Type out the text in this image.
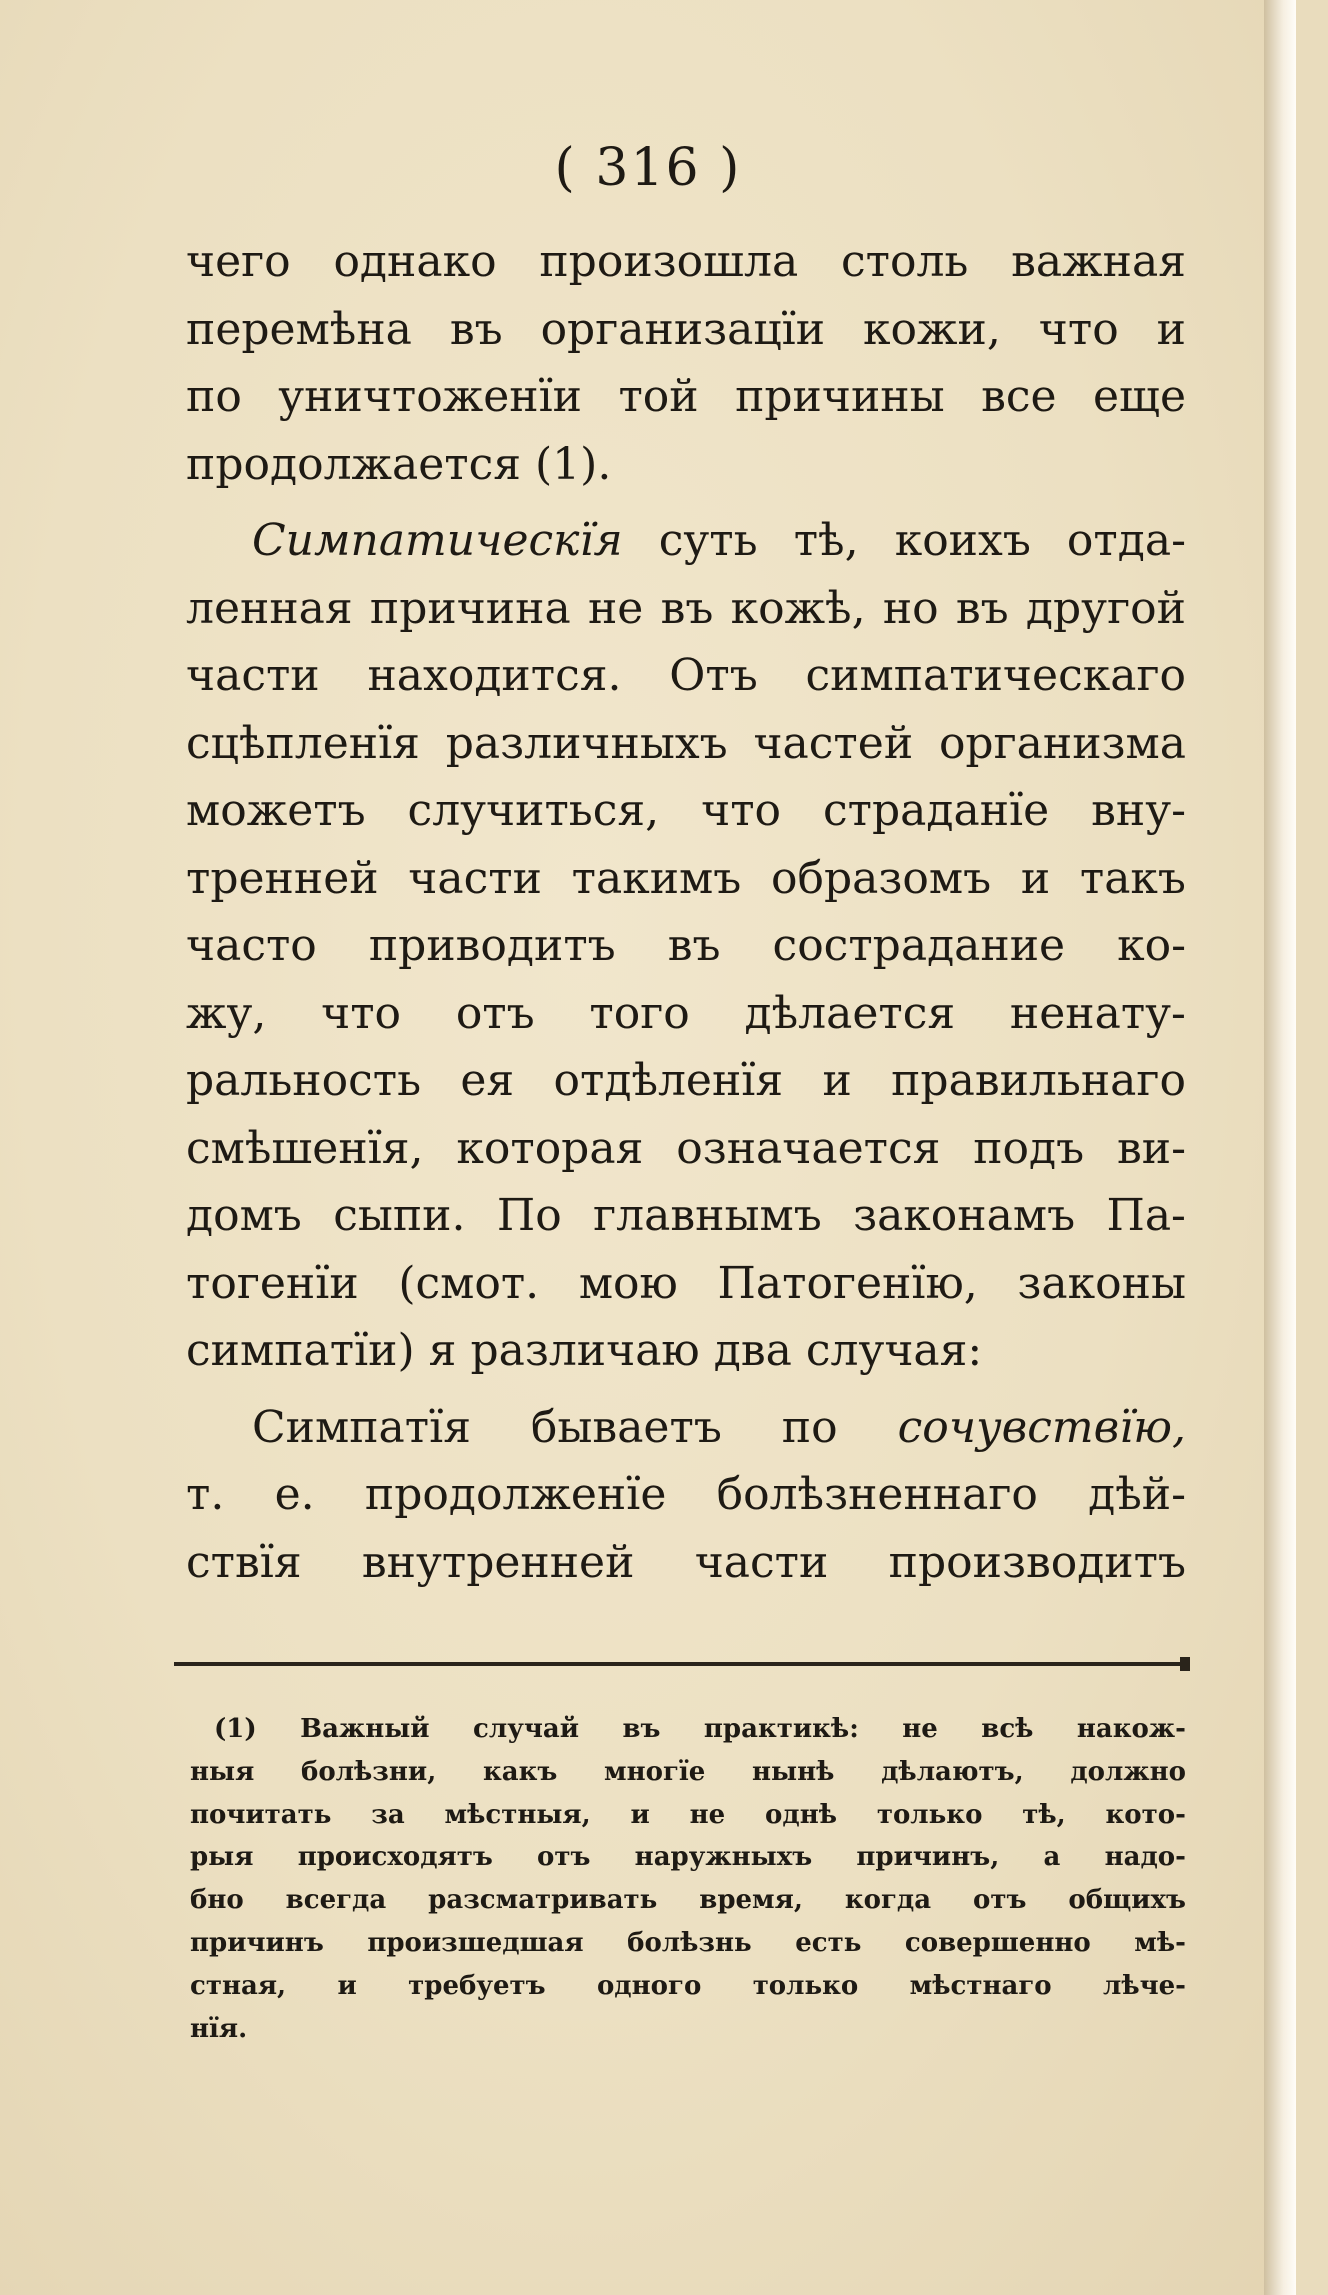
( 316 )
чего однако произошла столь важная
перемѣна въ организацїи кожи, что и
по уничтоженїи той причины все еще
продолжается
(1).
Симпатическїя суть тѣ, коихъ отда-
ленная причина не въ кожѣ, но въ другой
части находится. Отъ симпатическаго
сцѣпленїя различныхъ частей организма
можетъ случиться, что страданїе вну-
тренней части такимъ образомъ и такъ
часто приводитъ въ сострадание ко-
жу, что отъ того дѣлается ненату-
ральность ея отдѣленїя и правильнаго
смѣшенїя, которая означается подъ ви-
домъ сыпи. По главнымъ законамъ Па-
тогенїи (смот. мою Патогенїю, законы
симпатїи)
я
различаю
два
случая:
Симпатїя бываетъ по сочувствїю,
т. е. продолженїе болѣзненнаго дѣй-
ствїя внутренней части производитъ
(1) Важный случай въ практикѣ: не всѣ накож-
ныя болѣзни, какъ многїе нынѣ дѣлаютъ, должно
почитать за мѣстныя, и не однѣ только тѣ, кото-
рыя происходятъ отъ наружныхъ причинъ, а надо-
бно всегда разсматривать время, когда отъ общихъ
причинъ произшедшая болѣзнь есть совершенно мѣ-
стная, и требуетъ одного только мѣстнаго лѣче-
нїя.
